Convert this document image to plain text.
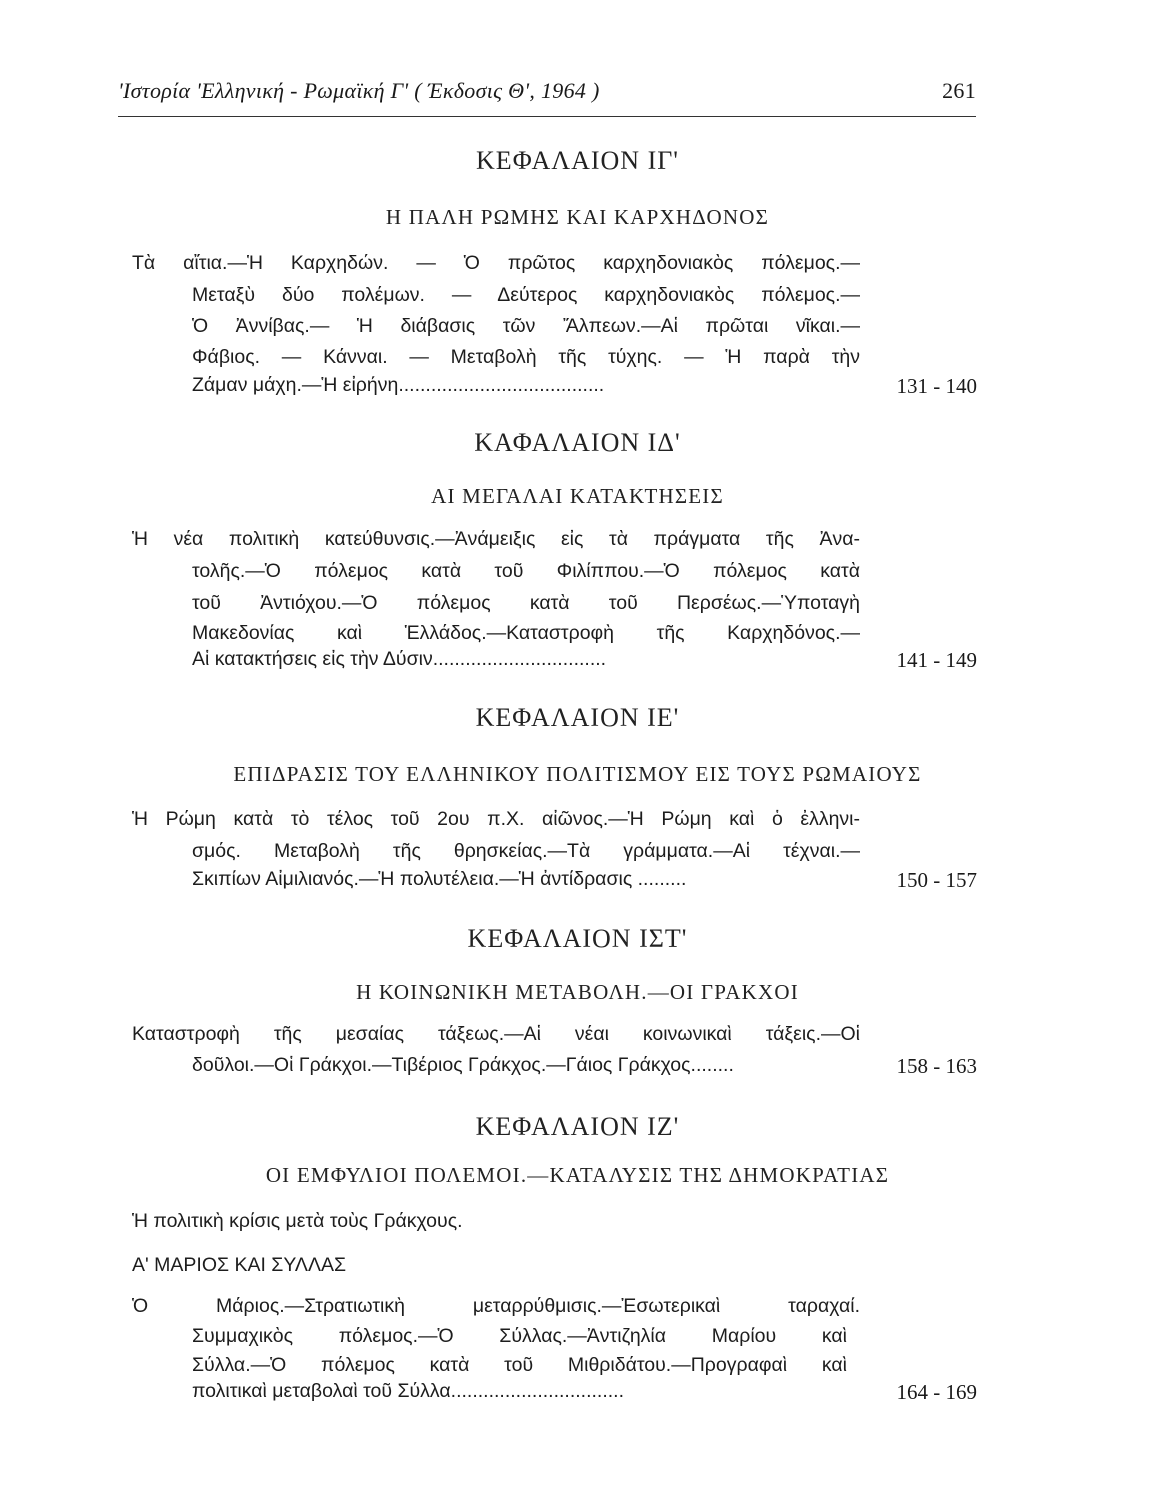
'Ιστορία 'Ελληνική - Ρωμαϊκή Γ' ( Έκδοσις Θ', 1964 )	261
ΚΕΦΑΛΑΙΟΝ ΙΓ'
Η ΠΑΛΗ ΡΩΜΗΣ ΚΑΙ ΚΑΡΧΗΔΟΝΟΣ
Τὰ αἴτια.—Ἡ Καρχηδών. — Ὁ πρῶτος καρχηδονιακὸς πόλεμος.—
Μεταξὺ δύο πολέμων. — Δεύτερος καρχηδονιακὸς πόλεμος.—
Ὁ Ἀννίβας.— Ἡ διάβασις τῶν Ἄλπεων.—Αἱ πρῶται νῖκαι.—
Φάβιος. — Κάνναι. — Μεταβολὴ τῆς τύχης. — Ἡ παρὰ τὴν
Ζάμαν μάχη.—Ἡ εἰρήνη......................................	131 - 140
ΚΑΦΑΛΑΙΟΝ ΙΔ'
ΑΙ ΜΕΓΑΛΑΙ ΚΑΤΑΚΤΗΣΕΙΣ
Ἡ νέα πολιτικὴ κατεύθυνσις.—Ἀνάμειξις εἰς τὰ πράγματα τῆς Ἀνα-
τολῆς.—Ὁ πόλεμος κατὰ τοῦ Φιλίππου.—Ὁ πόλεμος κατὰ
τοῦ Ἀντιόχου.—Ὁ πόλεμος κατὰ τοῦ Περσέως.—Ὑποταγὴ
Μακεδονίας καὶ Ἑλλάδος.—Καταστροφὴ τῆς Καρχηδόνος.—
Αἱ κατακτήσεις εἰς τὴν Δύσιν................................	141 - 149
ΚΕΦΑΛΑΙΟΝ ΙΕ'
ΕΠΙΔΡΑΣΙΣ ΤΟΥ ΕΛΛΗΝΙΚΟΥ ΠΟΛΙΤΙΣΜΟΥ ΕΙΣ ΤΟΥΣ ΡΩΜΑΙΟΥΣ
Ἡ Ρώμη κατὰ τὸ τέλος τοῦ 2ου π.Χ. αἰῶνος.—Ἡ Ρώμη καὶ ὁ ἐλληνι-
σμός. Μεταβολὴ τῆς θρησκείας.—Τὰ γράμματα.—Αἱ τέχναι.—
Σκιπίων Αἰμιλιανός.—Ἡ πολυτέλεια.—Ἡ ἀντίδρασις .........	150 - 157
ΚΕΦΑΛΑΙΟΝ ΙΣΤ'
Η ΚΟΙΝΩΝΙΚΗ ΜΕΤΑΒΟΛΗ.—ΟΙ ΓΡΑΚΧΟΙ
Καταστροφὴ τῆς μεσαίας τάξεως.—Αἱ νέαι κοινωνικαὶ τάξεις.—Οἱ
δοῦλοι.—Οἱ Γράκχοι.—Τιβέριος Γράκχος.—Γάιος Γράκχος........	158 - 163
ΚΕΦΑΛΑΙΟΝ ΙΖ'
ΟΙ ΕΜΦΥΛΙΟΙ ΠΟΛΕΜΟΙ.—ΚΑΤΑΛΥΣΙΣ ΤΗΣ ΔΗΜΟΚΡΑΤΙΑΣ
Ἡ πολιτικὴ κρίσις μετὰ τοὺς Γράκχους.
Α' ΜΑΡΙΟΣ ΚΑΙ ΣΥΛΛΑΣ
Ὁ Μάριος.—Στρατιωτικὴ μεταρρύθμισις.—Ἐσωτερικαὶ ταραχαί.
Συμμαχικὸς πόλεμος.—Ὁ Σύλλας.—Ἀντιζηλία Μαρίου καὶ
Σύλλα.—Ὁ πόλεμος κατὰ τοῦ Μιθριδάτου.—Προγραφαὶ καὶ
πολιτικαὶ μεταβολαὶ τοῦ Σύλλα................................	164 - 169
